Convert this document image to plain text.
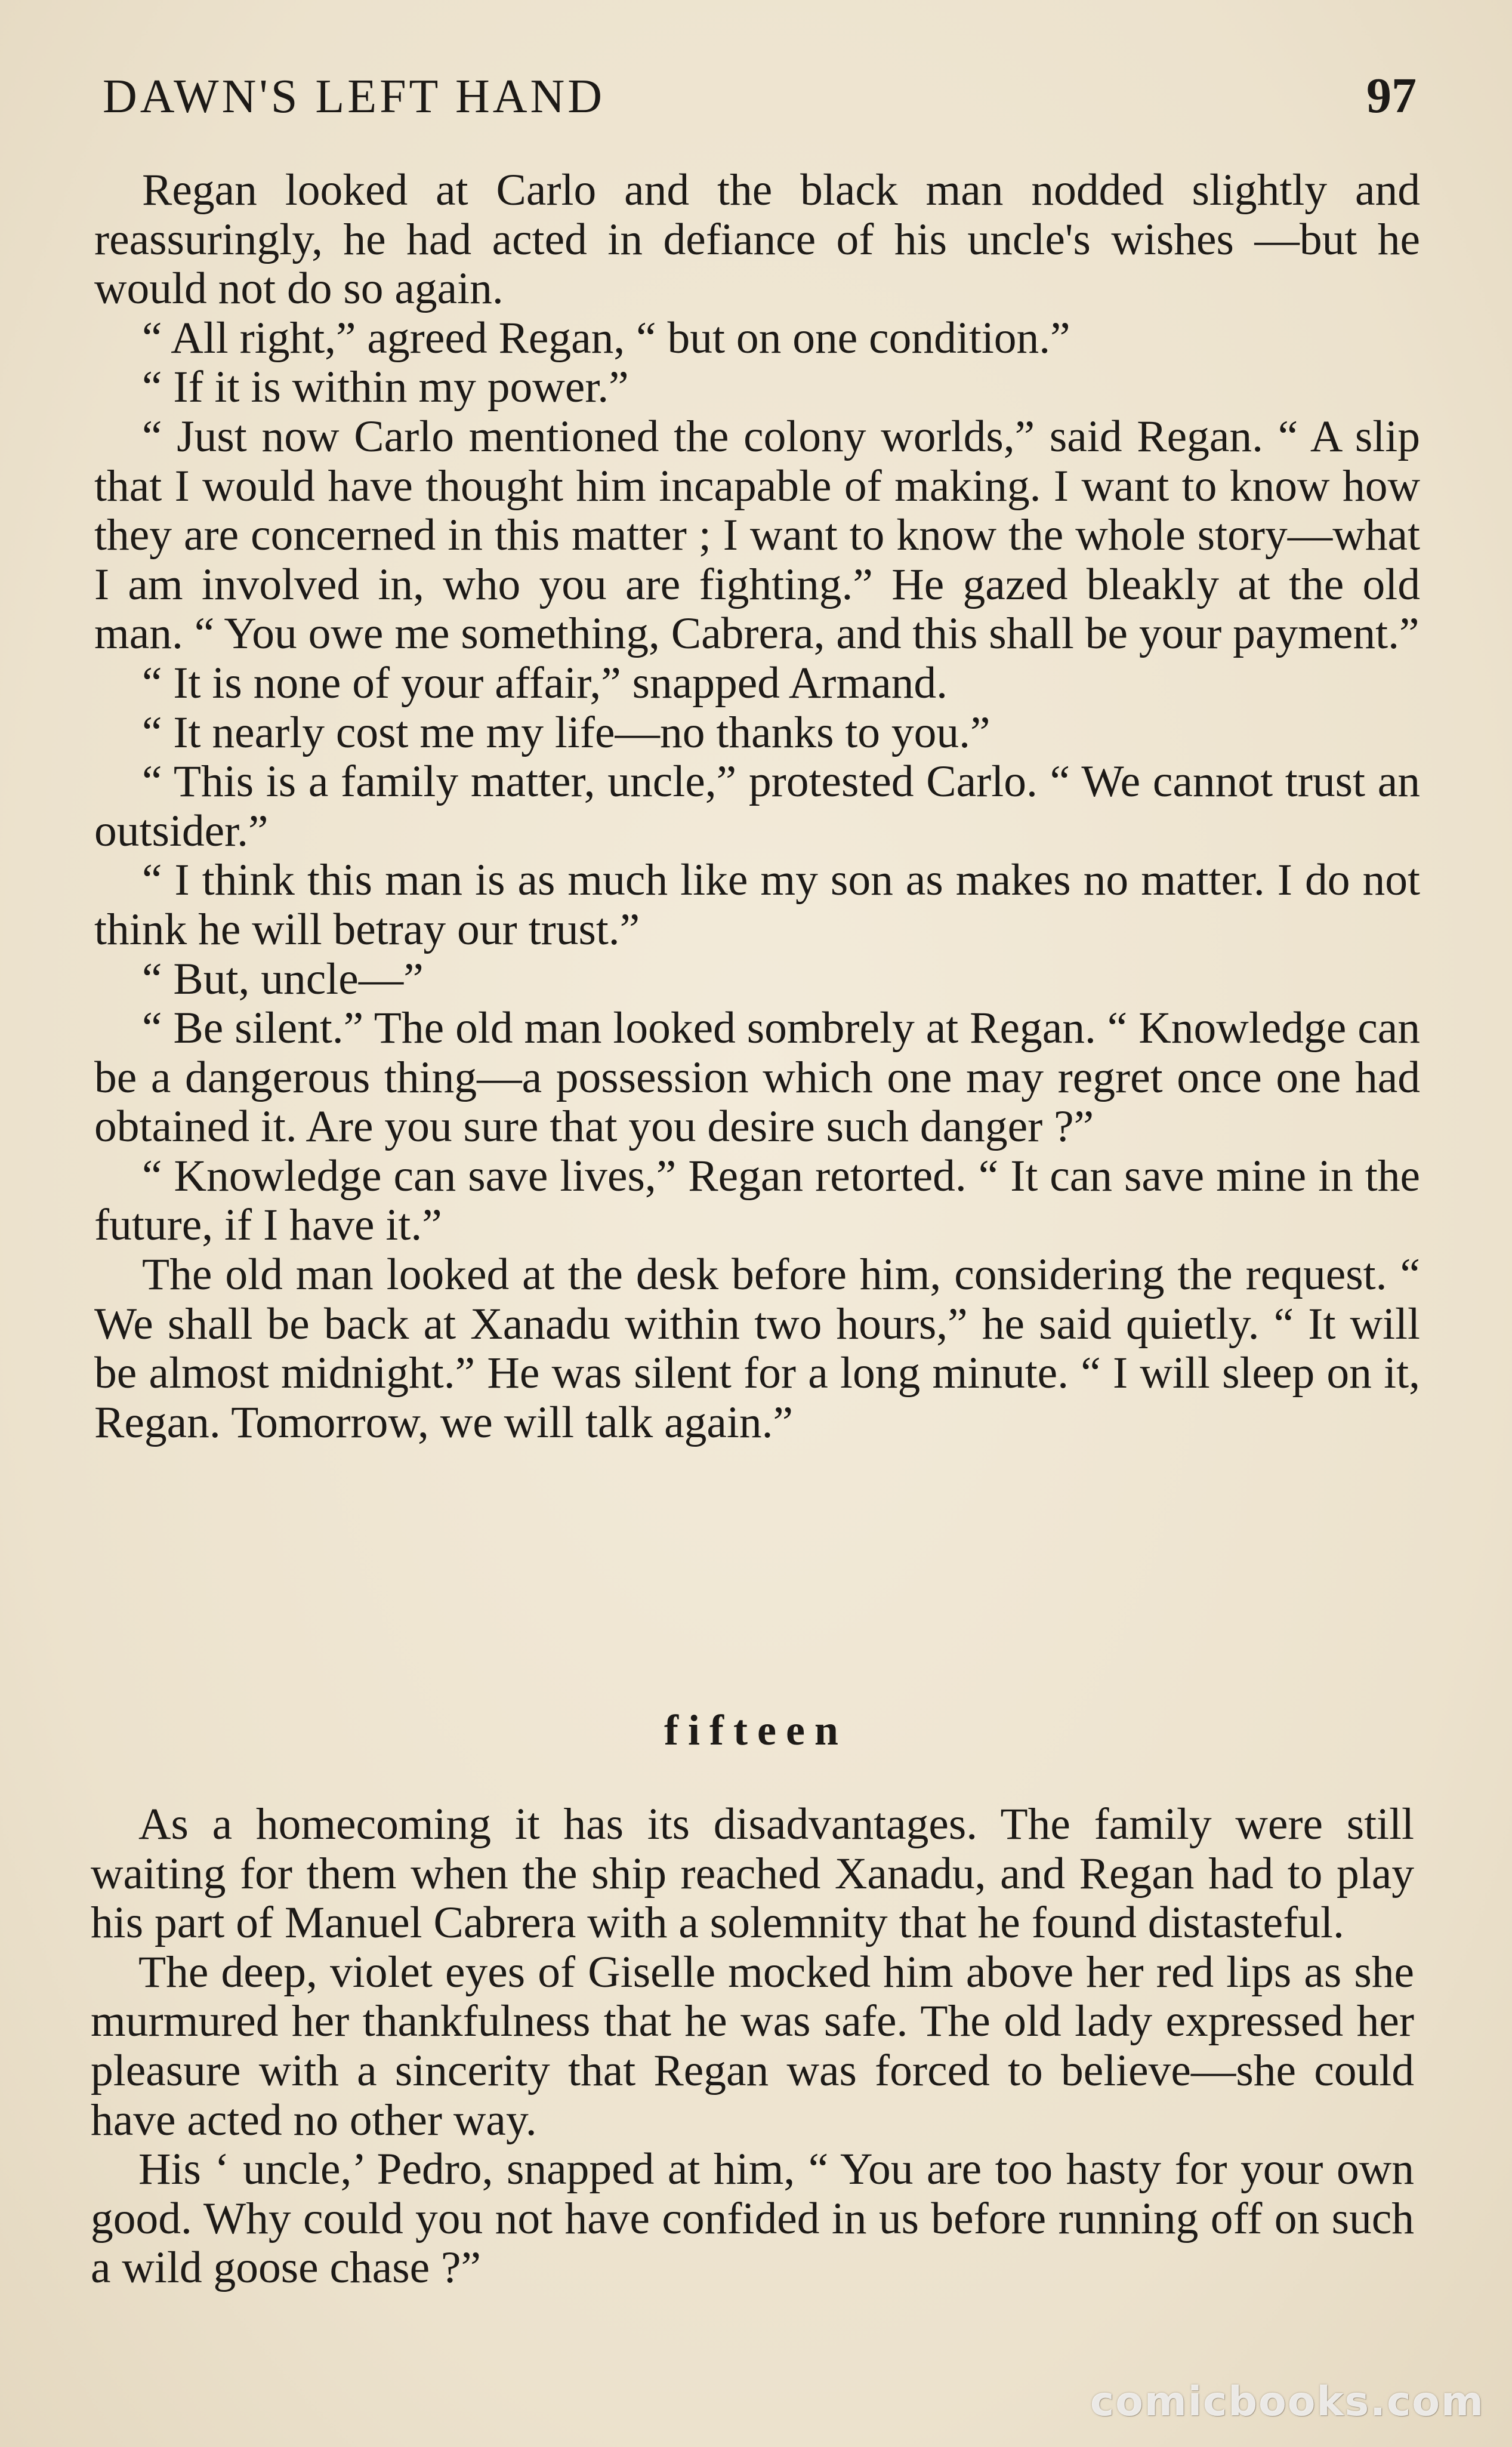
DAWN'S LEFT HAND	97

Regan looked at Carlo and the black man nodded slightly and reassuringly, he had acted in defiance of his uncle's wishes —but he would not do so again.

“ All right,” agreed Regan, “ but on one condition.”

“ If it is within my power.”

“ Just now Carlo mentioned the colony worlds,” said Regan. “ A slip that I would have thought him incapable of making. I want to know how they are concerned in this matter ; I want to know the whole story—what I am involved in, who you are fighting.” He gazed bleakly at the old man. “ You owe me something, Cabrera, and this shall be your payment.”

“ It is none of your affair,” snapped Armand.

“ It nearly cost me my life—no thanks to you.”

“ This is a family matter, uncle,” protested Carlo. “ We cannot trust an outsider.”

“ I think this man is as much like my son as makes no matter. I do not think he will betray our trust.”

“ But, uncle—”

“ Be silent.” The old man looked sombrely at Regan. “ Knowledge can be a dangerous thing—a possession which one may regret once one had obtained it. Are you sure that you desire such danger ?”

“ Knowledge can save lives,” Regan retorted. “ It can save mine in the future, if I have it.”

The old man looked at the desk before him, considering the request. “ We shall be back at Xanadu within two hours,” he said quietly. “ It will be almost midnight.” He was silent for a long minute. “ I will sleep on it, Regan. Tomorrow, we will talk again.”

fifteen

As a homecoming it has its disadvantages. The family were still waiting for them when the ship reached Xanadu, and Regan had to play his part of Manuel Cabrera with a solemnity that he found distasteful.

The deep, violet eyes of Giselle mocked him above her red lips as she murmured her thankfulness that he was safe. The old lady expressed her pleasure with a sincerity that Regan was forced to believe—she could have acted no other way.

His ‘ uncle,’ Pedro, snapped at him, “ You are too hasty for your own good. Why could you not have confided in us before running off on such a wild goose chase ?”

comicbooks.com
